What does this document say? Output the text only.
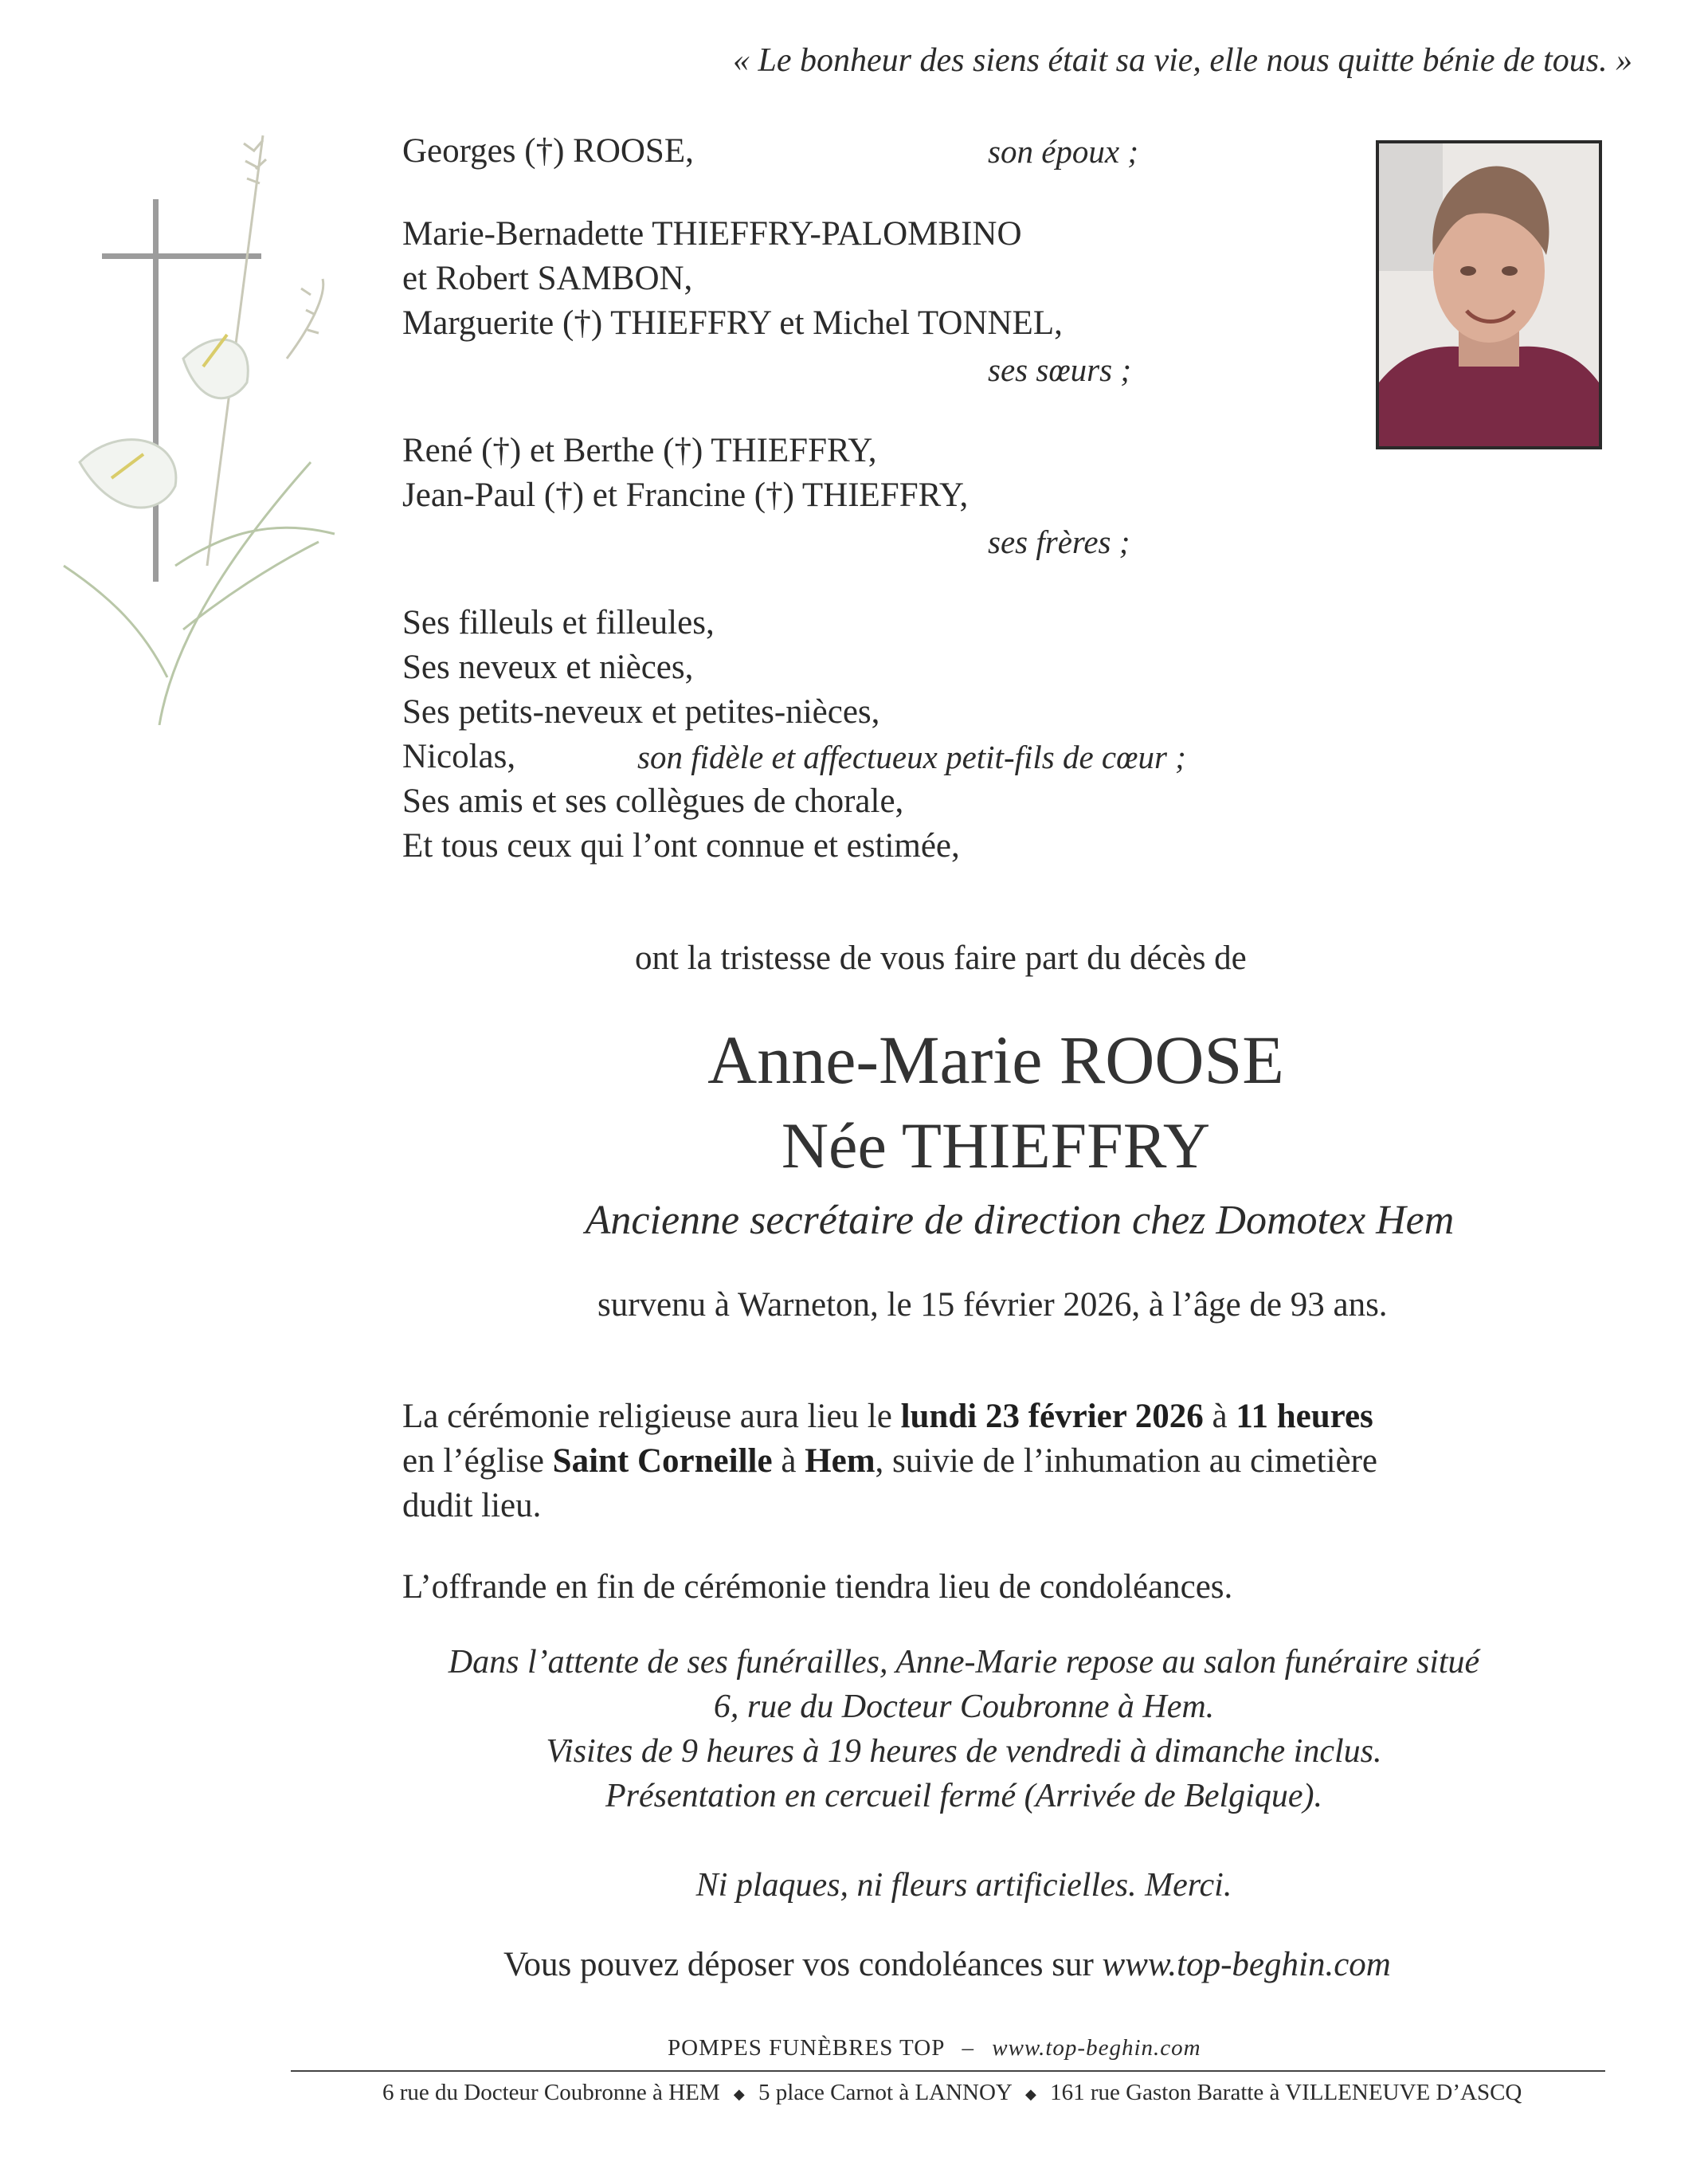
« Le bonheur des siens était sa vie, elle nous quitte bénie de tous. »
Georges (†) ROOSE,	son époux ;
Marie-Bernadette THIEFFRY-PALOMBINO
et Robert SAMBON,
Marguerite (†) THIEFFRY et Michel TONNEL,
ses sœurs ;
René (†) et Berthe (†) THIEFFRY,
Jean-Paul (†) et Francine (†) THIEFFRY,
ses frères ;
Ses filleuls et filleules,
Ses neveux et nièces,
Ses petits-neveux et petites-nièces,
Nicolas,	son fidèle et affectueux petit-fils de cœur ;
Ses amis et ses collègues de chorale,
Et tous ceux qui l’ont connue et estimée,
ont la tristesse de vous faire part du décès de
Anne-Marie ROOSE
Née THIEFFRY
Ancienne secrétaire de direction chez Domotex Hem
survenu à Warneton, le 15 février 2026, à l’âge de 93 ans.
La cérémonie religieuse aura lieu le lundi 23 février 2026 à 11 heures
en l’église Saint Corneille à Hem, suivie de l’inhumation au cimetière
dudit lieu.
L’offrande en fin de cérémonie tiendra lieu de condoléances.
Dans l’attente de ses funérailles, Anne-Marie repose au salon funéraire situé
6, rue du Docteur Coubronne à Hem.
Visites de 9 heures à 19 heures de vendredi à dimanche inclus.
Présentation en cercueil fermé (Arrivée de Belgique).
Ni plaques, ni fleurs artificielles. Merci.
Vous pouvez déposer vos condoléances sur www.top-beghin.com
POMPES FUNÈBRES TOP – www.top-beghin.com
6 rue du Docteur Coubronne à HEM ◆ 5 place Carnot à LANNOY ◆ 161 rue Gaston Baratte à VILLENEUVE D’ASCQ
